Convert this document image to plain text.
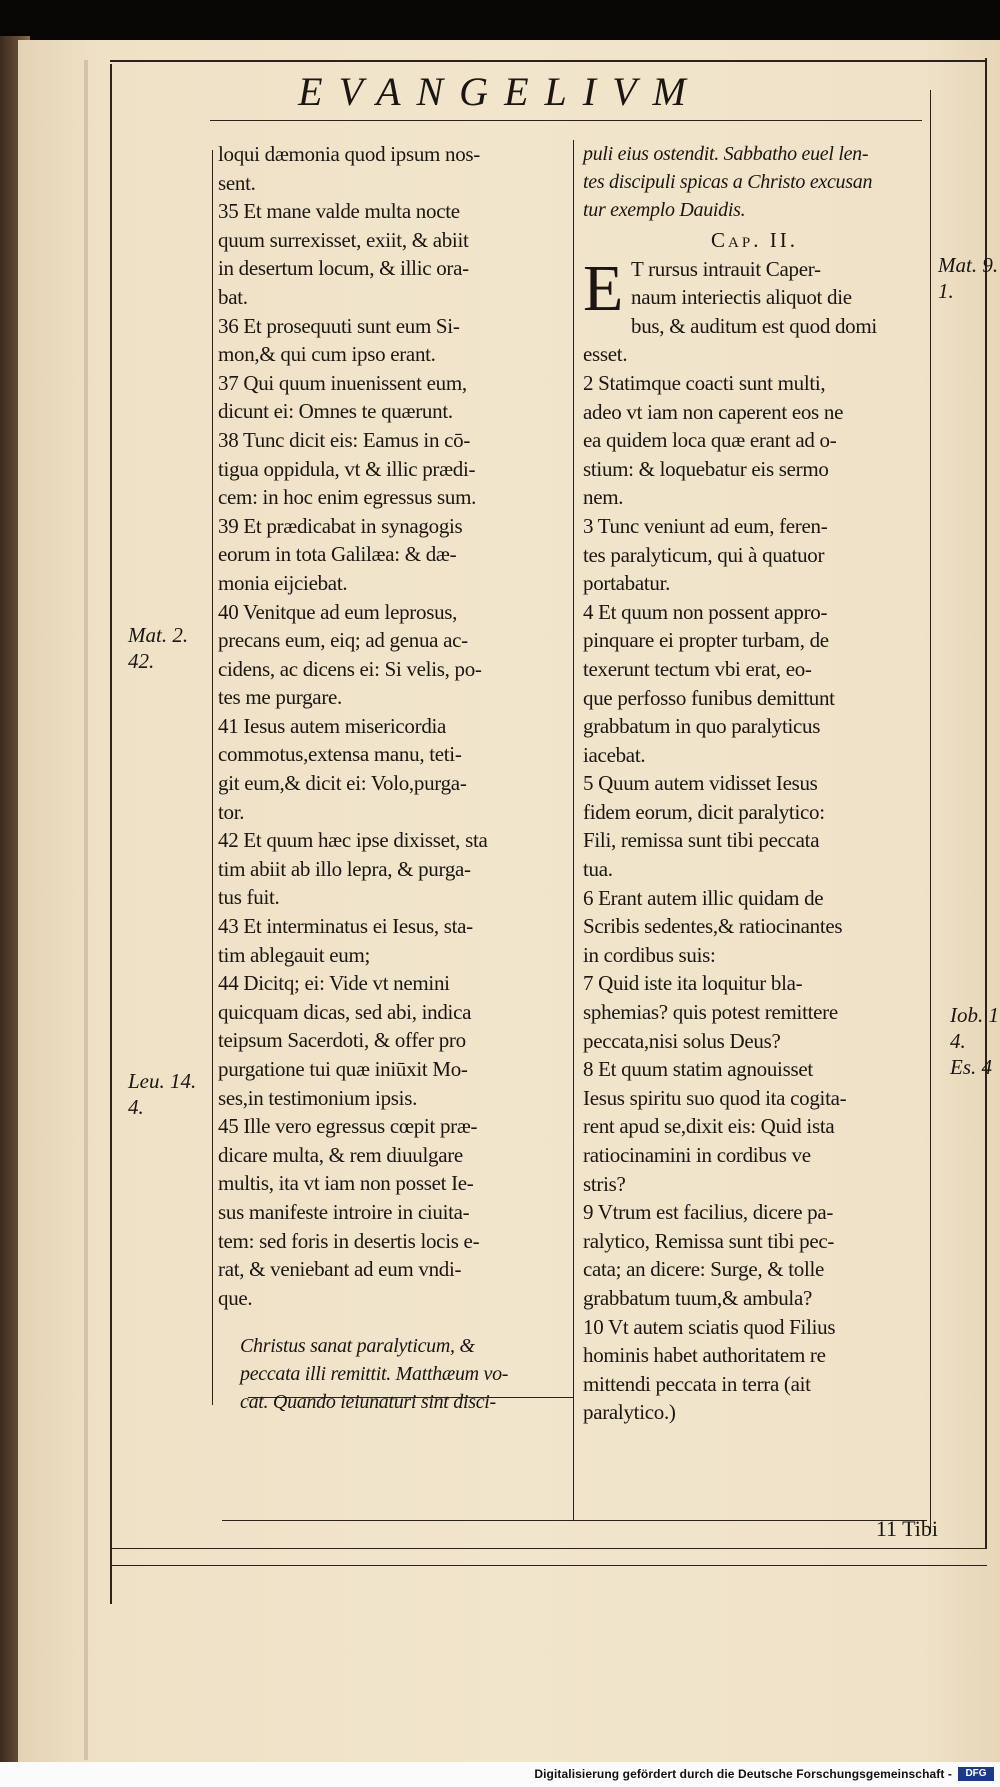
EVANGELIVM
loqui dæmonia quod ipsum nos-
sent.
35 Et mane valde multa nocte
quum surrexisset, exiit, & abiit
in desertum locum, & illic ora-
bat.
36 Et prosequuti sunt eum Si-
mon,& qui cum ipso erant.
37 Qui quum inuenissent eum,
dicunt ei: Omnes te quærunt.
38 Tunc dicit eis: Eamus in cō-
tigua oppidula, vt & illic prædi-
cem: in hoc enim egressus sum.
39 Et prædicabat in synagogis
eorum in tota Galilæa: & dæ-
monia eijciebat.
40 Venitque ad eum leprosus,
precans eum, eiq; ad genua ac-
cidens, ac dicens ei: Si velis, po-
tes me purgare.
41 Iesus autem misericordia
commotus,extensa manu, teti-
git eum,& dicit ei: Volo,purga-
tor.
42 Et quum hæc ipse dixisset, sta
tim abiit ab illo lepra, & purga-
tus fuit.
43 Et interminatus ei Iesus, sta-
tim ablegauit eum;
44 Dicitq; ei: Vide vt nemini
quicquam dicas, sed abi, indica
teipsum Sacerdoti, & offer pro
purgatione tui quæ iniūxit Mo-
ses,in testimonium ipsis.
45 Ille vero egressus cœpit præ-
dicare multa, & rem diuulgare
multis, ita vt iam non posset Ie-
sus manifeste introire in ciuita-
tem: sed foris in desertis locis e-
rat, & veniebant ad eum vndi-
que.
Christus sanat paralyticum, &
peccata illi remittit. Matthæum vo-
cat. Quando ieiunaturi sint disci-
puli eius ostendit. Sabbatho euel len-
tes discipuli spicas a Christo excusan
tur exemplo Dauidis.
Cap. II.
E T rursus intrauit Caper-
naum interiectis aliquot die
bus, & auditum est quod domi
esset.
2 Statimque coacti sunt multi,
adeo vt iam non caperent eos ne
ea quidem loca quæ erant ad o-
stium: & loquebatur eis sermo
nem.
3 Tunc veniunt ad eum, feren-
tes paralyticum, qui à quatuor
portabatur.
4 Et quum non possent appro-
pinquare ei propter turbam, de
texerunt tectum vbi erat, eo-
que perfosso funibus demittunt
grabbatum in quo paralyticus
iacebat.
5 Quum autem vidisset Iesus
fidem eorum, dicit paralytico:
Fili, remissa sunt tibi peccata
tua.
6 Erant autem illic quidam de
Scribis sedentes,& ratiocinantes
in cordibus suis:
7 Quid iste ita loquitur bla-
sphemias? quis potest remittere
peccata,nisi solus Deus?
8 Et quum statim agnouisset
Iesus spiritu suo quod ita cogita-
rent apud se,dixit eis: Quid ista
ratiocinamini in cordibus ve
stris?
9 Vtrum est facilius, dicere pa-
ralytico, Remissa sunt tibi pec-
cata; an dicere: Surge, & tolle
grabbatum tuum,& ambula?
10 Vt autem sciatis quod Filius
hominis habet authoritatem re
mittendi peccata in terra (ait
paralytico.)
Mat. 2.
42.
Leu. 14.
4.
Mat. 9.
1.
Iob. 1
4.
Es. 4
11 Tibi
Digitalisierung gefördert durch die Deutsche Forschungsgemeinschaft -	DFG
